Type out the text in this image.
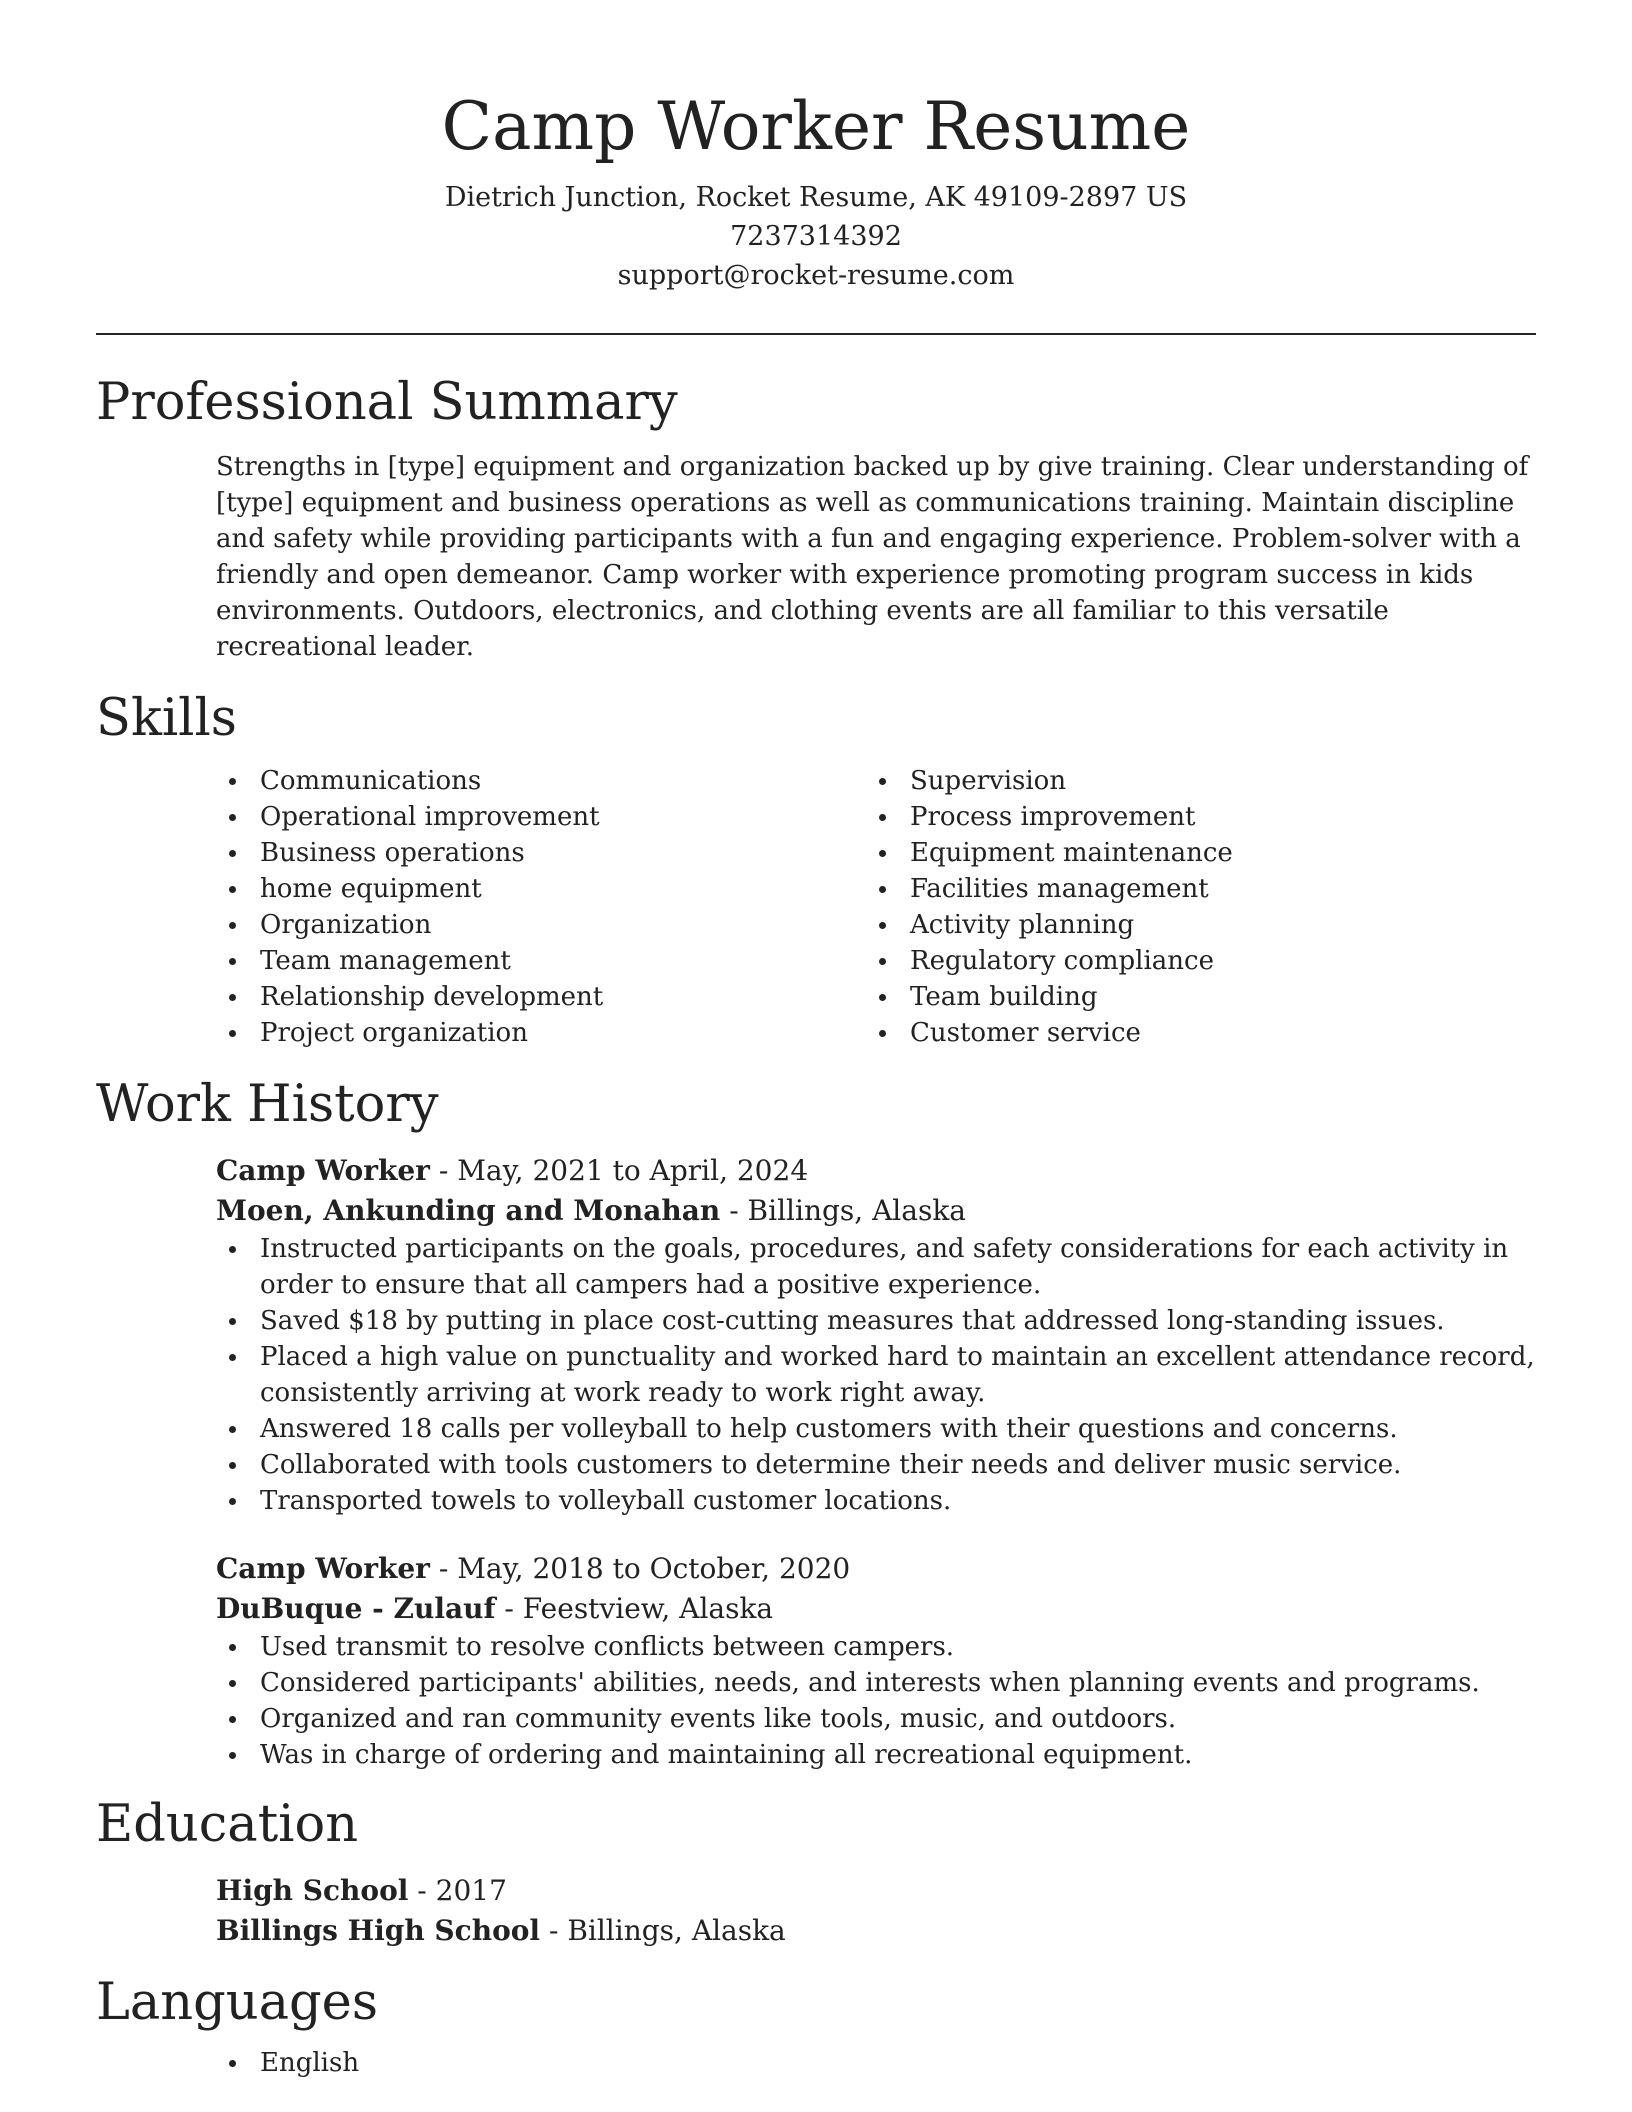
Camp Worker Resume
Dietrich Junction, Rocket Resume, AK 49109-2897 US
7237314392
support@rocket-resume.com
Professional Summary

Strengths in [type] equipment and organization backed up by give training. Clear understanding of [type] equipment and business operations as well as communications training. Maintain discipline and safety while providing participants with a fun and engaging experience. Problem-solver with a friendly and open demeanor. Camp worker with experience promoting program success in kids environments. Outdoors, electronics, and clothing events are all familiar to this versatile recreational leader.

Skills
Communications
Operational improvement
Business operations
home equipment
Organization
Team management
Relationship development
Project organization
Supervision
Process improvement
Equipment maintenance
Facilities management
Activity planning
Regulatory compliance
Team building
Customer service
Work History
Camp Worker - May, 2021 to April, 2024
Moen, Ankunding and Monahan - Billings, Alaska
Instructed participants on the goals, procedures, and safety considerations for each activity in order to ensure that all campers had a positive experience.
Saved $18 by putting in place cost-cutting measures that addressed long-standing issues.
Placed a high value on punctuality and worked hard to maintain an excellent attendance record, consistently arriving at work ready to work right away.
Answered 18 calls per volleyball to help customers with their questions and concerns.
Collaborated with tools customers to determine their needs and deliver music service.
Transported towels to volleyball customer locations.
Camp Worker - May, 2018 to October, 2020
DuBuque - Zulauf - Feestview, Alaska
Used transmit to resolve conflicts between campers.
Considered participants' abilities, needs, and interests when planning events and programs.
Organized and ran community events like tools, music, and outdoors.
Was in charge of ordering and maintaining all recreational equipment.
Education
High School - 2017
Billings High School - Billings, Alaska
Languages
English
